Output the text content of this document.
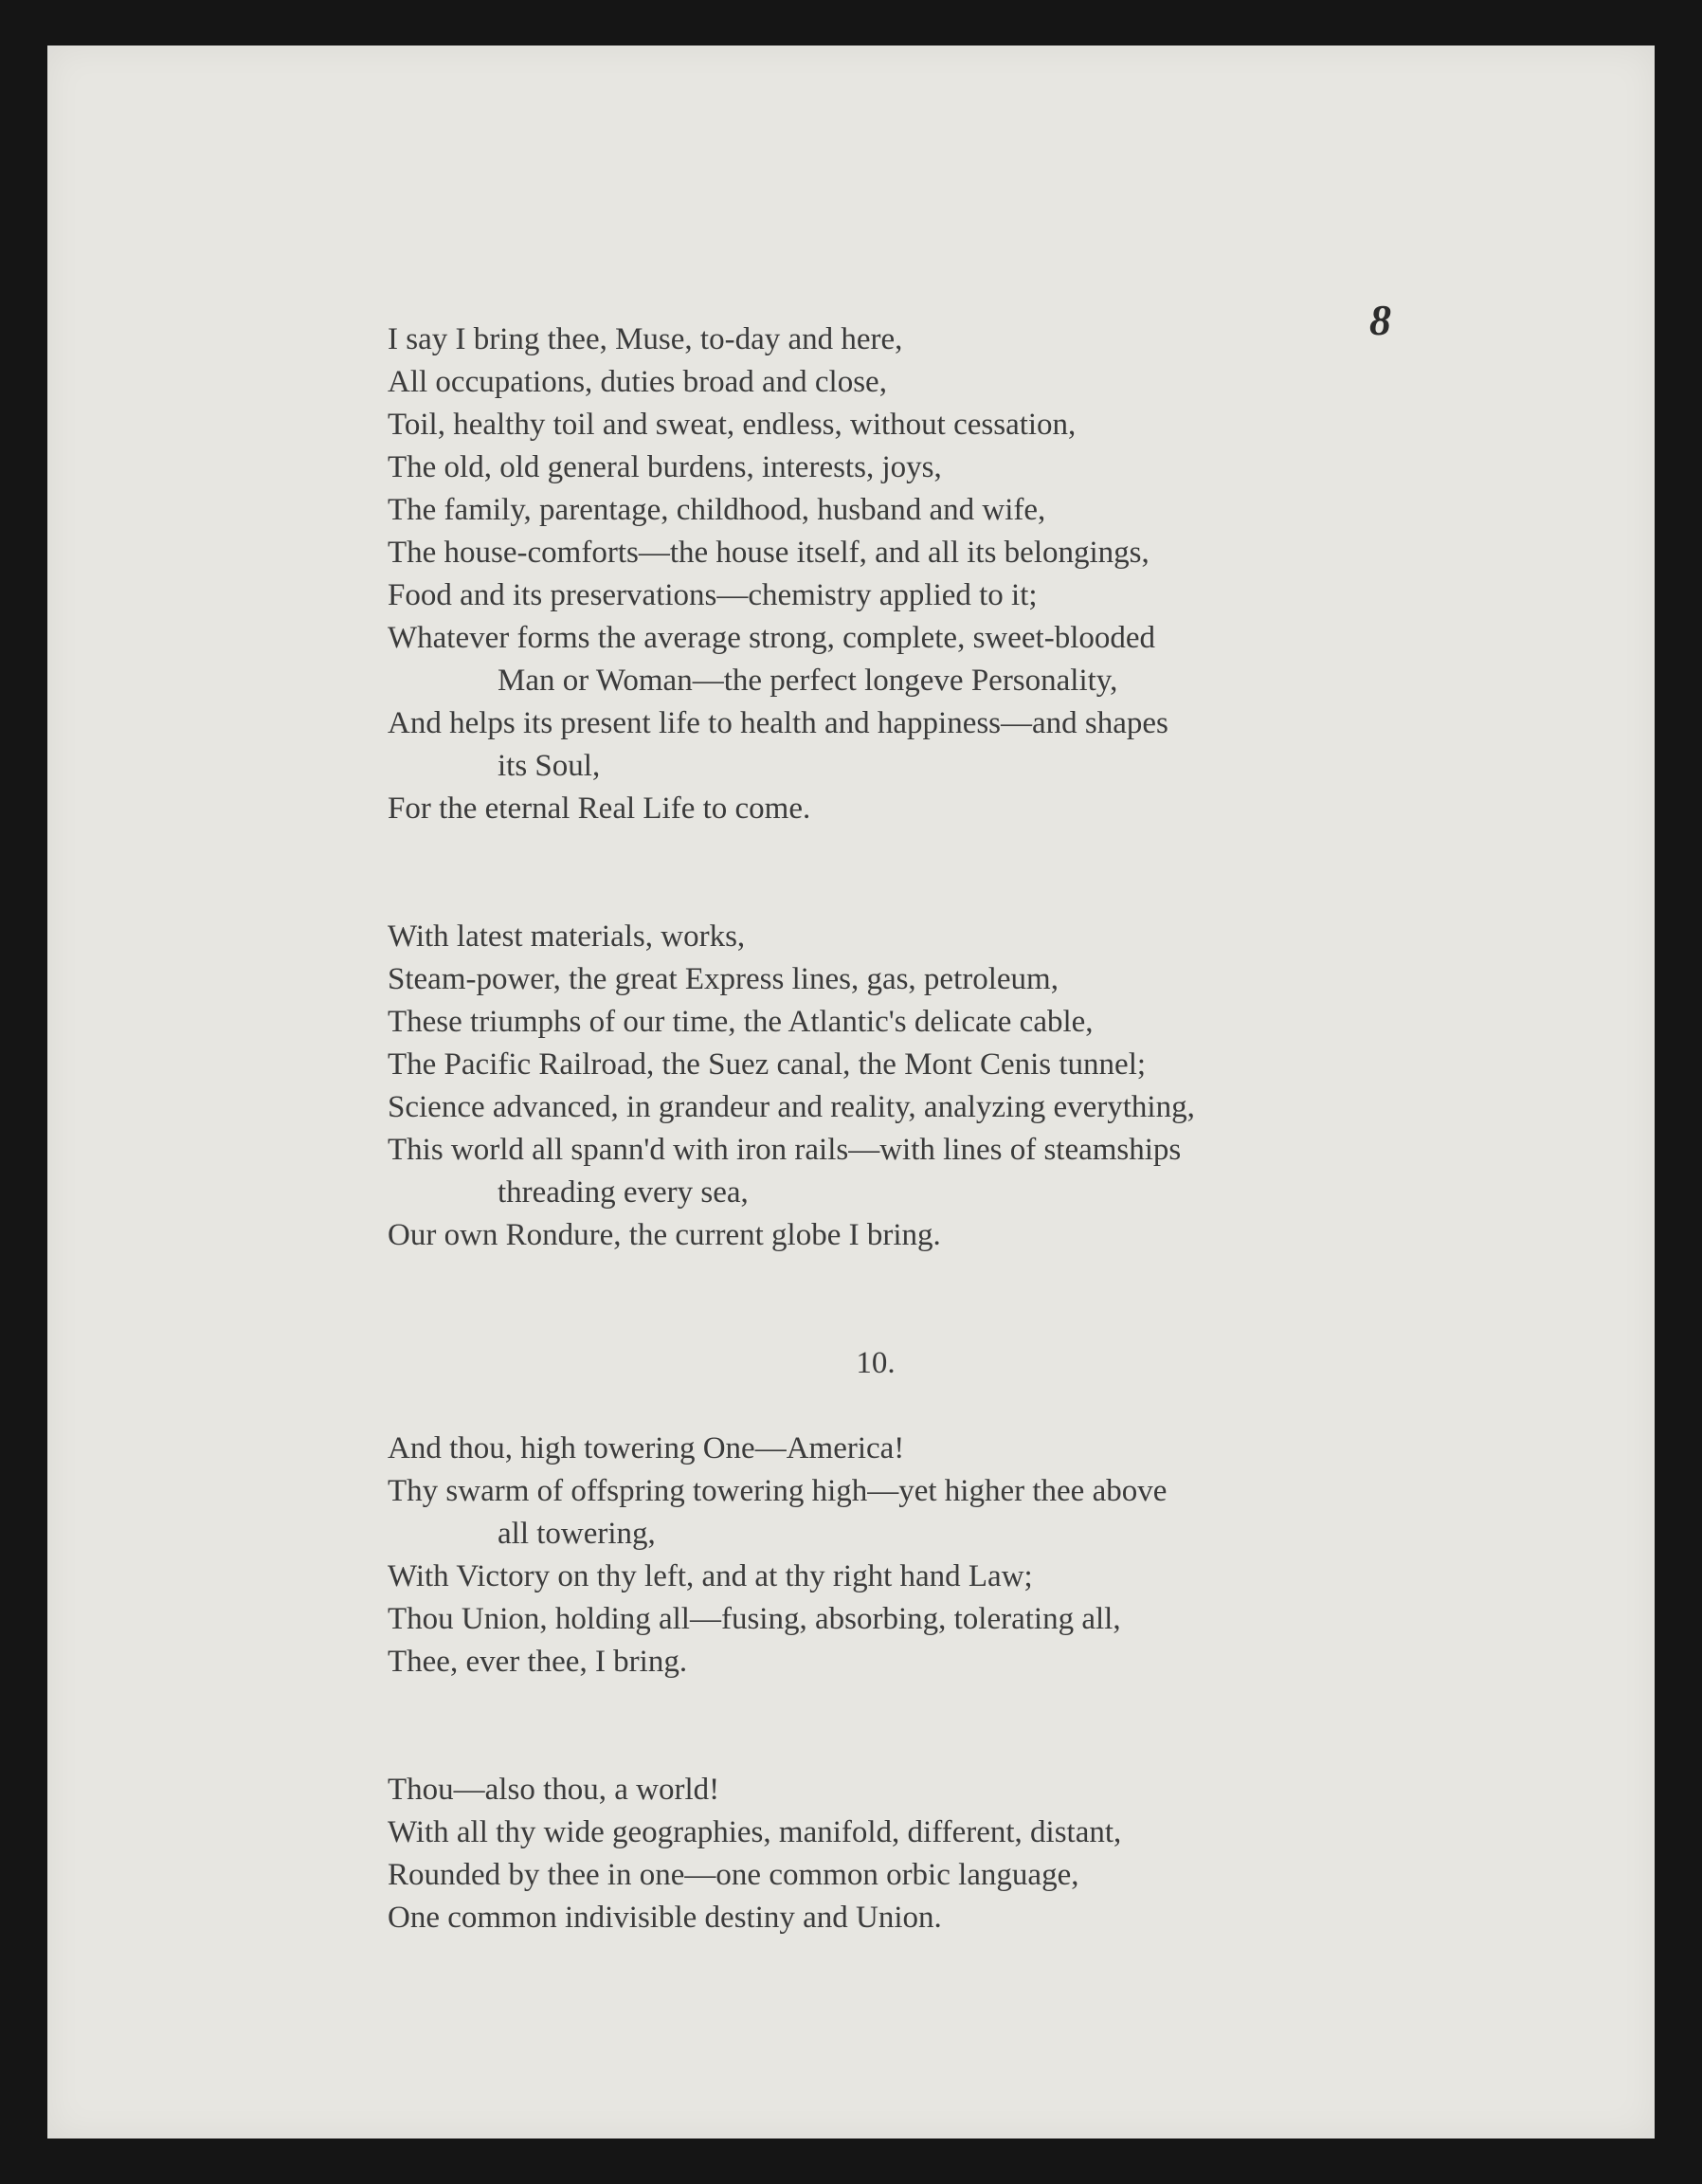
8
I say I bring thee, Muse, to-day and here,
All occupations, duties broad and close,
Toil, healthy toil and sweat, endless, without cessation,
The old, old general burdens, interests, joys,
The family, parentage, childhood, husband and wife,
The house-comforts—the house itself, and all its belongings,
Food and its preservations—chemistry applied to it;
Whatever forms the average strong, complete, sweet-blooded
Man or Woman—the perfect longeve Personality,
And helps its present life to health and happiness—and shapes
its Soul,
For the eternal Real Life to come.
With latest materials, works,
Steam-power, the great Express lines, gas, petroleum,
These triumphs of our time, the Atlantic's delicate cable,
The Pacific Railroad, the Suez canal, the Mont Cenis tunnel;
Science advanced, in grandeur and reality, analyzing everything,
This world all spann'd with iron rails—with lines of steamships
threading every sea,
Our own Rondure, the current globe I bring.
10.
And thou, high towering One—America!
Thy swarm of offspring towering high—yet higher thee above
all towering,
With Victory on thy left, and at thy right hand Law;
Thou Union, holding all—fusing, absorbing, tolerating all,
Thee, ever thee, I bring.
Thou—also thou, a world!
With all thy wide geographies, manifold, different, distant,
Rounded by thee in one—one common orbic language,
One common indivisible destiny and Union.
